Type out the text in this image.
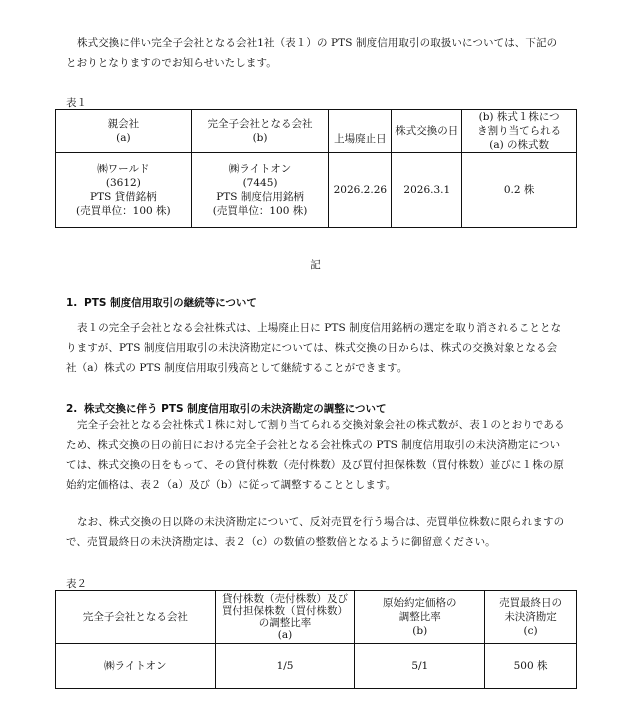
株式交換に伴い完全子会社となる会社1社（表１）の PTS 制度信用取引の取扱いについては、下記のとおりとなりますのでお知らせいたします。

表１

親会社
(a)	完全子会社となる会社
(b)	上場廃止日	株式交換の日	(b) 株式１株につ
き割り当てられる
(a) の株式数

㈱ワールド
(3612)
PTS 貸借銘柄
(売買単位：100 株)	㈱ライトオン
(7445)
PTS 制度信用銘柄
(売買単位：100 株)	2026.2.26	2026.3.1	0.2 株

記

1. PTS 制度信用取引の継続等について

表１の完全子会社となる会社株式は、上場廃止日に PTS 制度信用銘柄の選定を取り消されることとなりますが、PTS 制度信用取引の未決済勘定については、株式交換の日からは、株式の交換対象となる会社（a）株式の PTS 制度信用取引残高として継続することができます。

2. 株式交換に伴う PTS 制度信用取引の未決済勘定の調整について

完全子会社となる会社株式１株に対して割り当てられる交換対象会社の株式数が、表１のとおりであるため、株式交換の日の前日における完全子会社となる会社株式の PTS 制度信用取引の未決済勘定については、株式交換の日をもって、その貸付株数（売付株数）及び買付担保株数（買付株数）並びに１株の原始約定価格は、表２（a）及び（b）に従って調整することとします。

なお、株式交換の日以降の未決済勘定について、反対売買を行う場合は、売買単位株数に限られますので、売買最終日の未決済勘定は、表２（c）の数値の整数倍となるように御留意ください。

表２

完全子会社となる会社	貸付株数（売付株数）及び
買付担保株数（買付株数）
の調整比率
(a)	原始約定価格の
調整比率
(b)	売買最終日の
未決済勘定
(c)

㈱ライトオン	1/5	5/1	500 株
